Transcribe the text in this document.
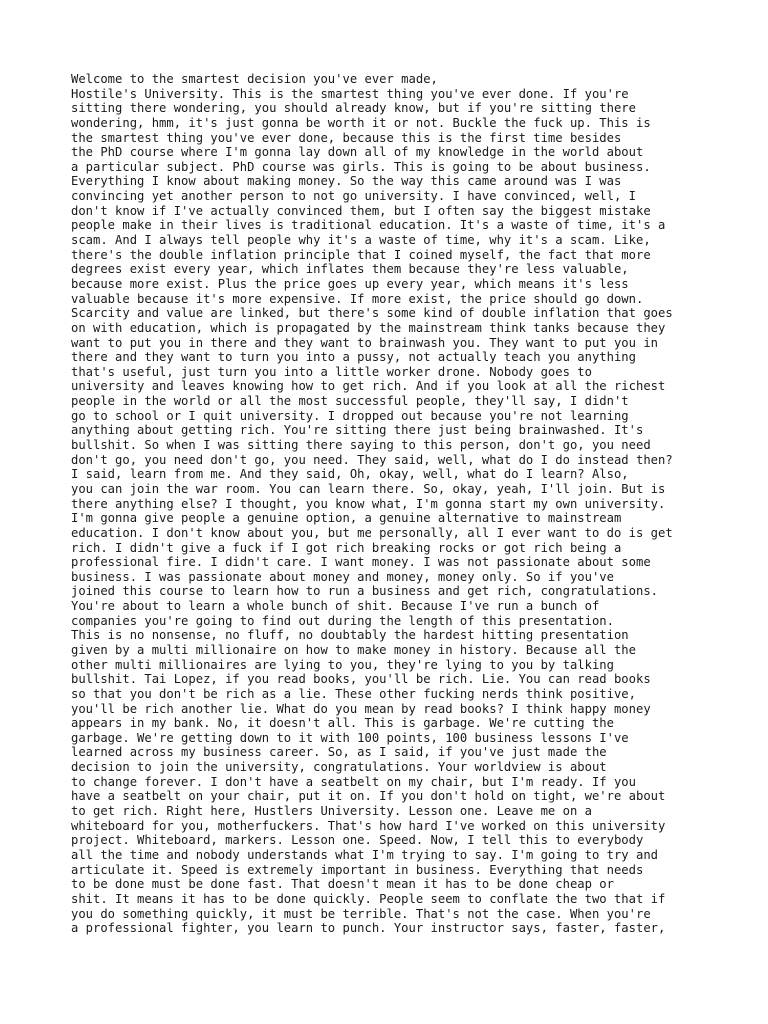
Welcome to the smartest decision you've ever made,
Hostile's University. This is the smartest thing you've ever done. If you're
sitting there wondering, you should already know, but if you're sitting there
wondering, hmm, it's just gonna be worth it or not. Buckle the fuck up. This is
the smartest thing you've ever done, because this is the first time besides
the PhD course where I'm gonna lay down all of my knowledge in the world about
a particular subject. PhD course was girls. This is going to be about business.
Everything I know about making money. So the way this came around was I was
convincing yet another person to not go university. I have convinced, well, I
don't know if I've actually convinced them, but I often say the biggest mistake
people make in their lives is traditional education. It's a waste of time, it's a
scam. And I always tell people why it's a waste of time, why it's a scam. Like,
there's the double inflation principle that I coined myself, the fact that more
degrees exist every year, which inflates them because they're less valuable,
because more exist. Plus the price goes up every year, which means it's less
valuable because it's more expensive. If more exist, the price should go down.
Scarcity and value are linked, but there's some kind of double inflation that goes
on with education, which is propagated by the mainstream think tanks because they
want to put you in there and they want to brainwash you. They want to put you in
there and they want to turn you into a pussy, not actually teach you anything
that's useful, just turn you into a little worker drone. Nobody goes to
university and leaves knowing how to get rich. And if you look at all the richest
people in the world or all the most successful people, they'll say, I didn't
go to school or I quit university. I dropped out because you're not learning
anything about getting rich. You're sitting there just being brainwashed. It's
bullshit. So when I was sitting there saying to this person, don't go, you need
don't go, you need don't go, you need. They said, well, what do I do instead then?
I said, learn from me. And they said, Oh, okay, well, what do I learn? Also,
you can join the war room. You can learn there. So, okay, yeah, I'll join. But is
there anything else? I thought, you know what, I'm gonna start my own university.
I'm gonna give people a genuine option, a genuine alternative to mainstream
education. I don't know about you, but me personally, all I ever want to do is get
rich. I didn't give a fuck if I got rich breaking rocks or got rich being a
professional fire. I didn't care. I want money. I was not passionate about some
business. I was passionate about money and money, money only. So if you've
joined this course to learn how to run a business and get rich, congratulations.
You're about to learn a whole bunch of shit. Because I've run a bunch of
companies you're going to find out during the length of this presentation.
This is no nonsense, no fluff, no doubtably the hardest hitting presentation
given by a multi millionaire on how to make money in history. Because all the
other multi millionaires are lying to you, they're lying to you by talking
bullshit. Tai Lopez, if you read books, you'll be rich. Lie. You can read books
so that you don't be rich as a lie. These other fucking nerds think positive,
you'll be rich another lie. What do you mean by read books? I think happy money
appears in my bank. No, it doesn't all. This is garbage. We're cutting the
garbage. We're getting down to it with 100 points, 100 business lessons I've
learned across my business career. So, as I said, if you've just made the
decision to join the university, congratulations. Your worldview is about
to change forever. I don't have a seatbelt on my chair, but I'm ready. If you
have a seatbelt on your chair, put it on. If you don't hold on tight, we're about
to get rich. Right here, Hustlers University. Lesson one. Leave me on a
whiteboard for you, motherfuckers. That's how hard I've worked on this university
project. Whiteboard, markers. Lesson one. Speed. Now, I tell this to everybody
all the time and nobody understands what I'm trying to say. I'm going to try and
articulate it. Speed is extremely important in business. Everything that needs
to be done must be done fast. That doesn't mean it has to be done cheap or
shit. It means it has to be done quickly. People seem to conflate the two that if
you do something quickly, it must be terrible. That's not the case. When you're
a professional fighter, you learn to punch. Your instructor says, faster, faster,
